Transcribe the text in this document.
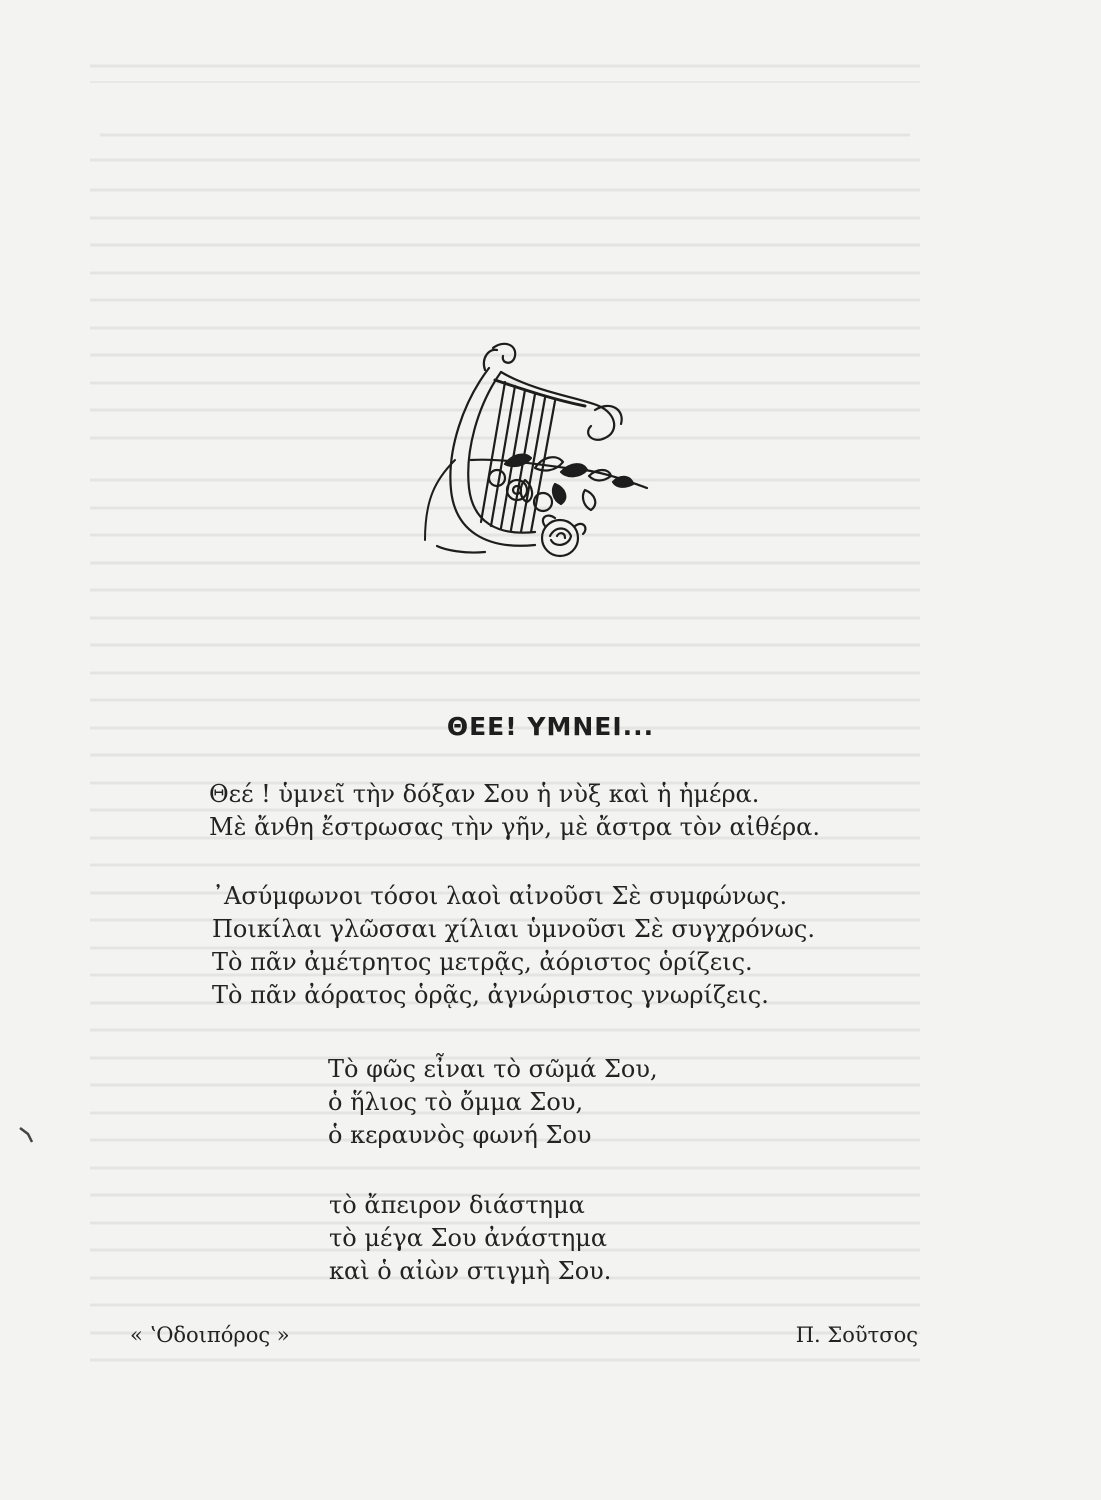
ΘΕΕ! ΥΜΝΕΙ...
Θεέ ! ὑμνεῖ τὴν δόξαν Σου ἡ νὺξ καὶ ἡ ἡμέρα.
Μὲ ἄνθη ἔστρωσας τὴν γῆν, μὲ ἄστρα τὸν αἰθέρα.
᾿Ασύμφωνοι τόσοι λαοὶ αἰνοῦσι Σὲ συμφώνως.
Ποικίλαι γλῶσσαι χίλιαι ὑμνοῦσι Σὲ συγχρόνως.
Τὸ πᾶν ἀμέτρητος μετρᾷς, ἀόριστος ὁρίζεις.
Τὸ πᾶν ἀόρατος ὁρᾷς, ἀγνώριστος γνωρίζεις.
Τὸ φῶς εἶναι τὸ σῶμά Σου,
ὁ ἥλιος τὸ ὄμμα Σου,
ὁ κεραυνὸς φωνή Σου
τὸ ἄπειρον διάστημα
τὸ μέγα Σου ἀνάστημα
καὶ ὁ αἰὼν στιγμὴ Σου.
« ʽΟδοιπόρος »	Π. Σοῦτσος
